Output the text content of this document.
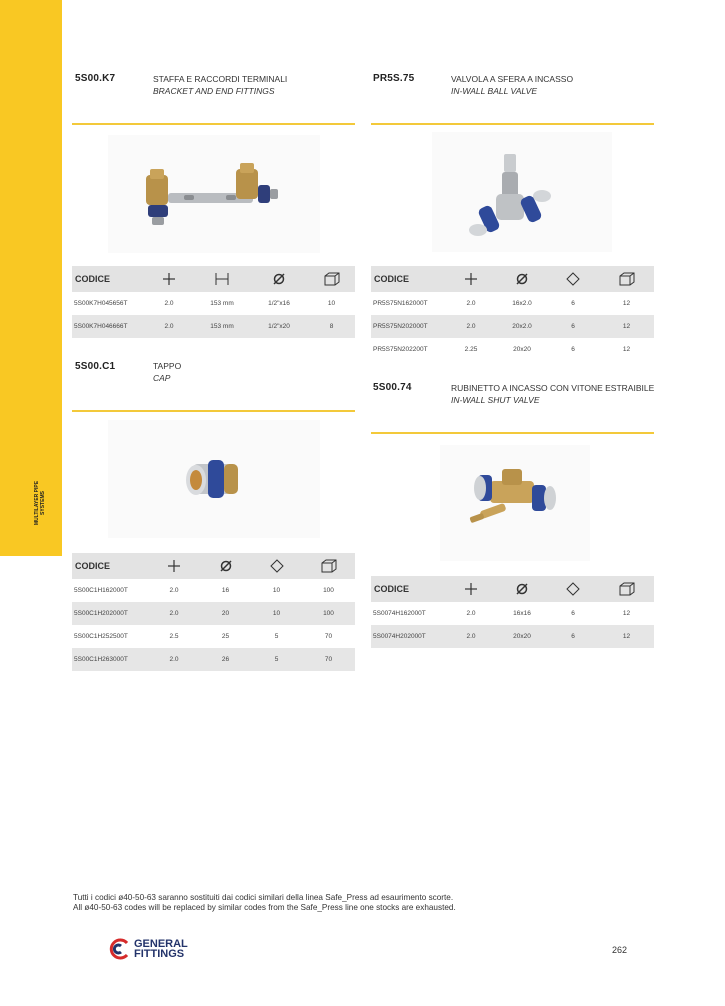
MULTILAYER PIPE
SYSTEMS
5S00.K7	STAFFA E RACCORDI TERMINALI
BRACKET AND END FITTINGS
CODICE	

5S00K7H045656T	2.0	153 mm	1/2"x16	10
5S00K7H046666T	2.0	153 mm	1/2"x20	8
5S00.C1	TAPPO
CAP
CODICE	

5S00C1H162000T	2.0	16	10	100
5S00C1H202000T	2.0	20	10	100
5S00C1H252500T	2.5	25	5	70
5S00C1H263000T	2.0	26	5	70
PR5S.75	VALVOLA A SFERA A INCASSO
IN-WALL BALL VALVE
CODICE	

PR5S75N162000T	2.0	16x2.0	6	12
PR5S75N202000T	2.0	20x2.0	6	12
PR5S75N202200T	2.25	20x20	6	12
5S00.74	RUBINETTO A INCASSO CON VITONE ESTRAIBILE
IN-WALL SHUT VALVE
CODICE	

5S0074H162000T	2.0	16x16	6	12
5S0074H202000T	2.0	20x20	6	12
Tutti i codici ø40-50-63 saranno sostituiti dai codici similari della linea Safe_Press ad esaurimento scorte.
All ø40-50-63 codes will be replaced by similar codes from the Safe_Press line one stocks are exhausted.
GENERAL
FITTINGS	262
